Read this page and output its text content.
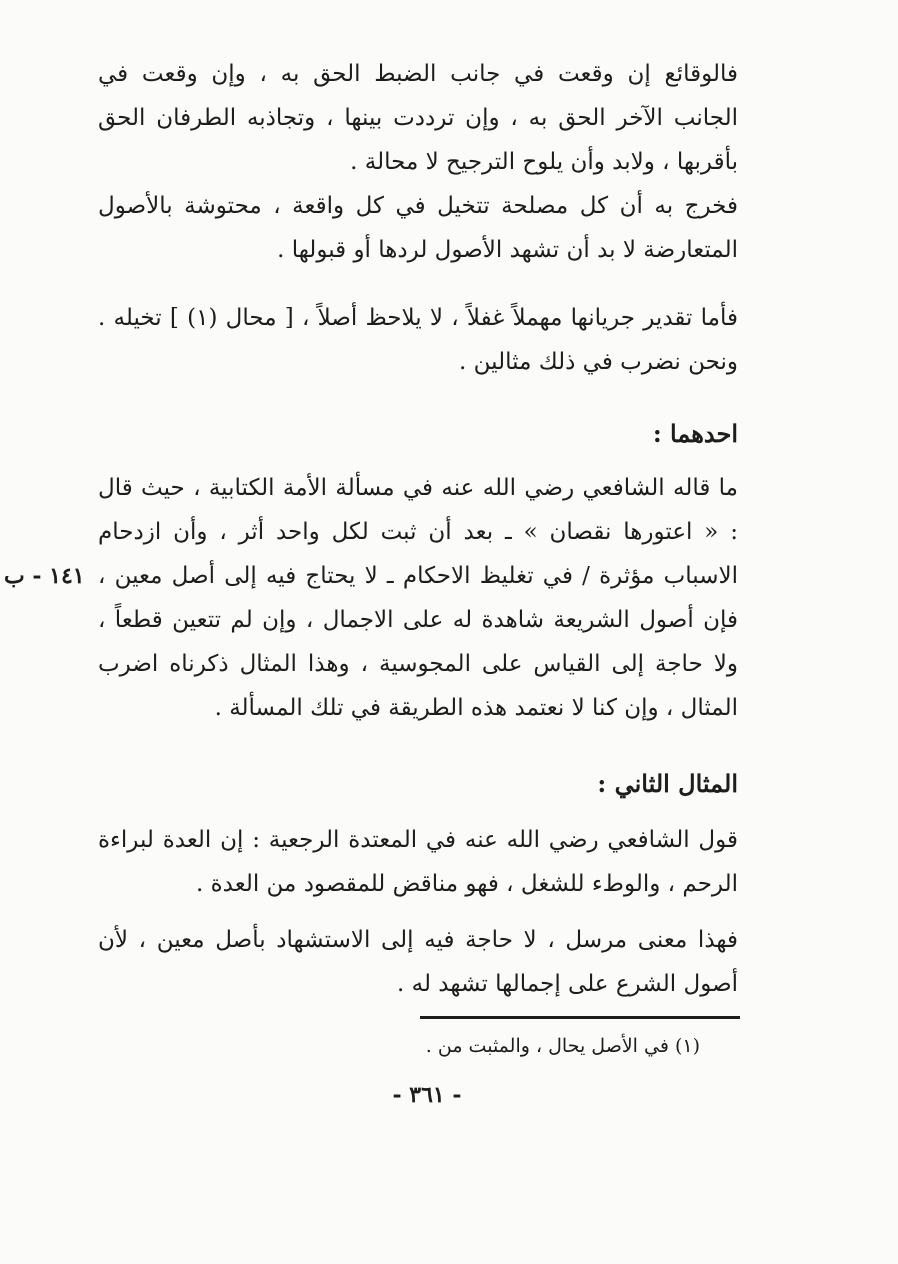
فالوقائع إن وقعت في جانب الضبط الحق به ، وإن وقعت في الجانب الآخر الحق به ، وإن ترددت بينها ، وتجاذبه الطرفان الحق بأقربها ، ولابد وأن يلوح الترجيح لا محالة .

فخرج به أن كل مصلحة تتخيل في كل واقعة ، محتوشة بالأصول المتعارضة لا بد أن تشهد الأصول لردها أو قبولها .

فأما تقدير جريانها مهملاً غفلاً ، لا يلاحظ أصلاً ، [ محال (١) ] تخيله . ونحن نضرب في ذلك مثالين .

احدهما :

ما قاله الشافعي رضي الله عنه في مسألة الأمة الكتابية ، حيث قال : « اعتورها نقصان » ـ بعد أن ثبت لكل واحد أثر ، وأن ازدحام الاسباب مؤثرة / في تغليظ الاحكام ـ لا يحتاج فيه إلى أصل معين ، فإن أصول الشريعة شاهدة له على الاجمال ، وإن لم تتعين قطعاً ، ولا حاجة إلى القياس على المجوسية ، وهذا المثال ذكرناه اضرب المثال ، وإن كنا لا نعتمد هذه الطريقة في تلك المسألة .

١٤١ - ب
المثال الثاني :

قول الشافعي رضي الله عنه في المعتدة الرجعية : إن العدة لبراءة الرحم ، والوطء للشغل ، فهو مناقض للمقصود من العدة .

فهذا معنى مرسل ، لا حاجة فيه إلى الاستشهاد بأصل معين ، لأن أصول الشرع على إجمالها تشهد له .

(١) في الأصل يحال ، والمثبت من .
- ٣٦١ -
